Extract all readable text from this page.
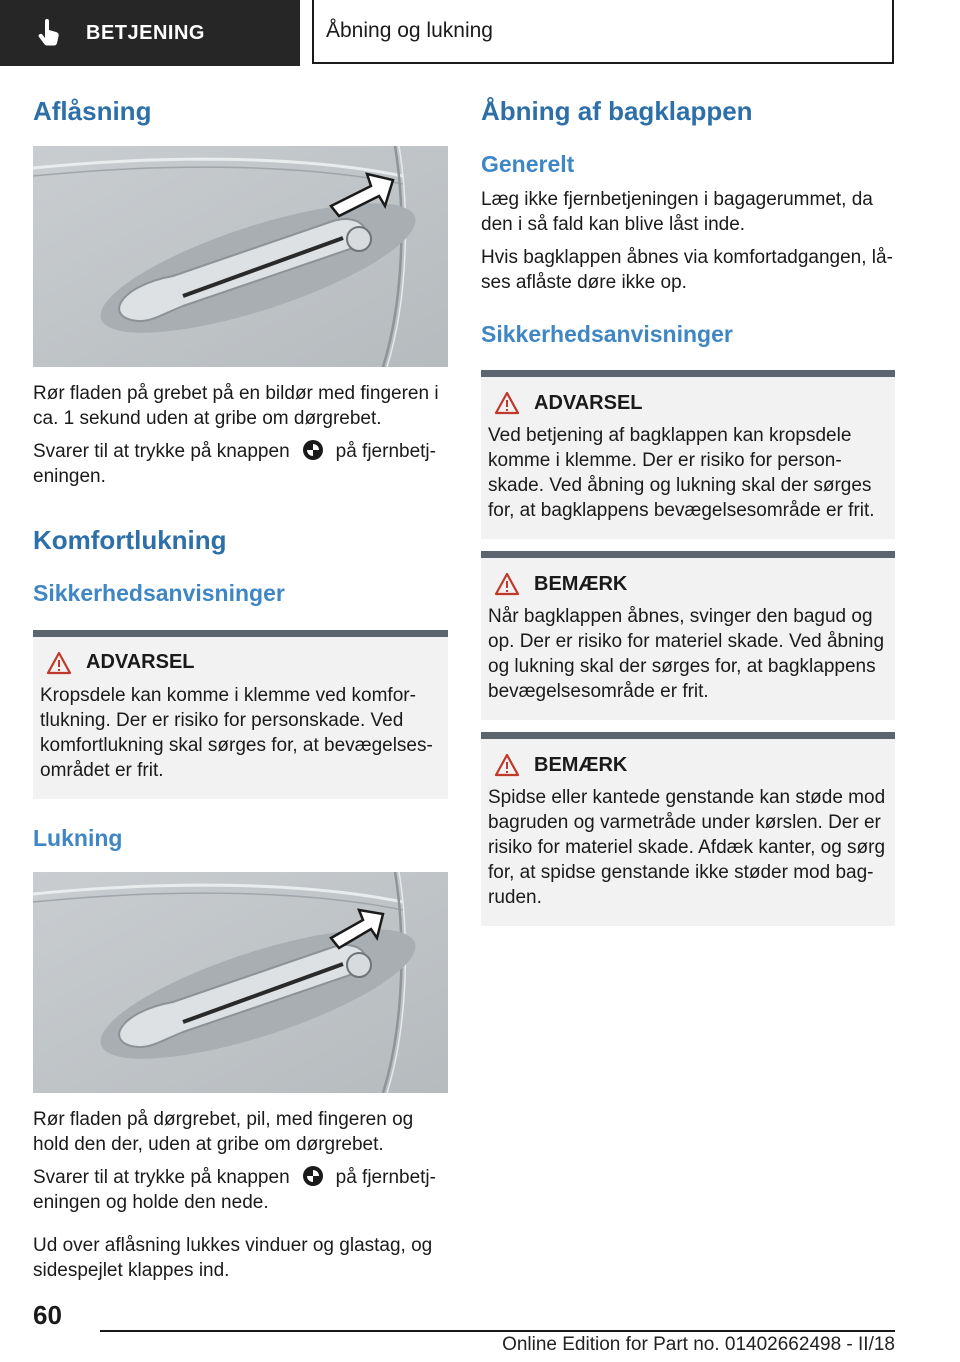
BETJENING	Åbning og lukning
Aflåsning

Rør fladen på grebet på en bildør med fingeren i ca. 1 sekund uden at gribe om dørgrebet.

Svarer til at trykke på knappen på fjernbetj‐eningen.

Komfortlukning
Sikkerhedsanvisninger
ADVARSEL

Kropsdele kan komme i klemme ved komfor‐tlukning. Der er risiko for personskade. Ved komfortlukning skal sørges for, at bevægelses‐området er frit.

Lukning

Rør fladen på dørgrebet, pil, med fingeren og hold den der, uden at gribe om dørgrebet.

Svarer til at trykke på knappen på fjernbetj‐eningen og holde den nede.

Ud over aflåsning lukkes vinduer og glastag, og sidespejlet klappes ind.

Åbning af bagklappen
Generelt

Læg ikke fjernbetjeningen i bagagerummet, da den i så fald kan blive låst inde.

Hvis bagklappen åbnes via komfortadgangen, lå‐ses aflåste døre ikke op.

Sikkerhedsanvisninger
ADVARSEL

Ved betjening af bagklappen kan kropsdele komme i klemme. Der er risiko for person‐skade. Ved åbning og lukning skal der sørges for, at bagklappens bevægelsesområde er frit.

BEMÆRK

Når bagklappen åbnes, svinger den bagud og op. Der er risiko for materiel skade. Ved åbning og lukning skal der sørges for, at bagklappens bevægelsesområde er frit.

BEMÆRK

Spidse eller kantede genstande kan støde mod bagruden og varmetråde under kørslen. Der er risiko for materiel skade. Afdæk kanter, og sørg for, at spidse genstande ikke støder mod bag‐ruden.

60
Online Edition for Part no. 01402662498 - II/18
